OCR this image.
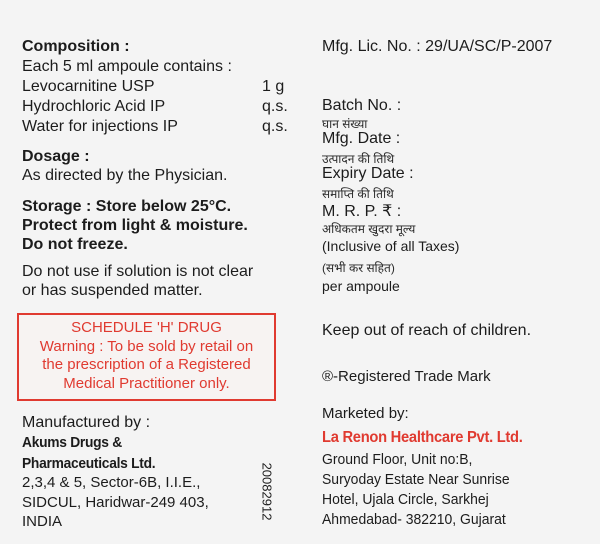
Composition :
Each 5 ml ampoule contains :
Levocarnitine USP	1 g
Hydrochloric Acid IP	q.s.
Water for injections IP	q.s.
Dosage :
As directed by the Physician.
Storage : Store below 25°C.
Protect from light & moisture.
Do not freeze.
Do not use if solution is not clear
or has suspended matter.
SCHEDULE 'H' DRUG
Warning : To be sold by retail on
the prescription of a Registered
Medical Practitioner only.
Manufactured by :
Akums Drugs &
Pharmaceuticals Ltd.
2,3,4 & 5, Sector-6B, I.I.E.,
SIDCUL, Haridwar-249 403,
INDIA
20082912
Mfg. Lic. No. : 29/UA/SC/P-2007
Batch No. :
घान संख्या
Mfg. Date :
उत्पादन की तिथि
Expiry Date :
समाप्ति की तिथि
M. R. P. ₹ :
अधिकतम खुदरा मूल्य
(Inclusive of all Taxes)
(सभी कर सहित)
per ampoule
Keep out of reach of children.
®-Registered Trade Mark
Marketed by:
La Renon Healthcare Pvt. Ltd.
Ground Floor, Unit no:B,
Suryoday Estate Near Sunrise
Hotel, Ujala Circle, Sarkhej
Ahmedabad- 382210, Gujarat
